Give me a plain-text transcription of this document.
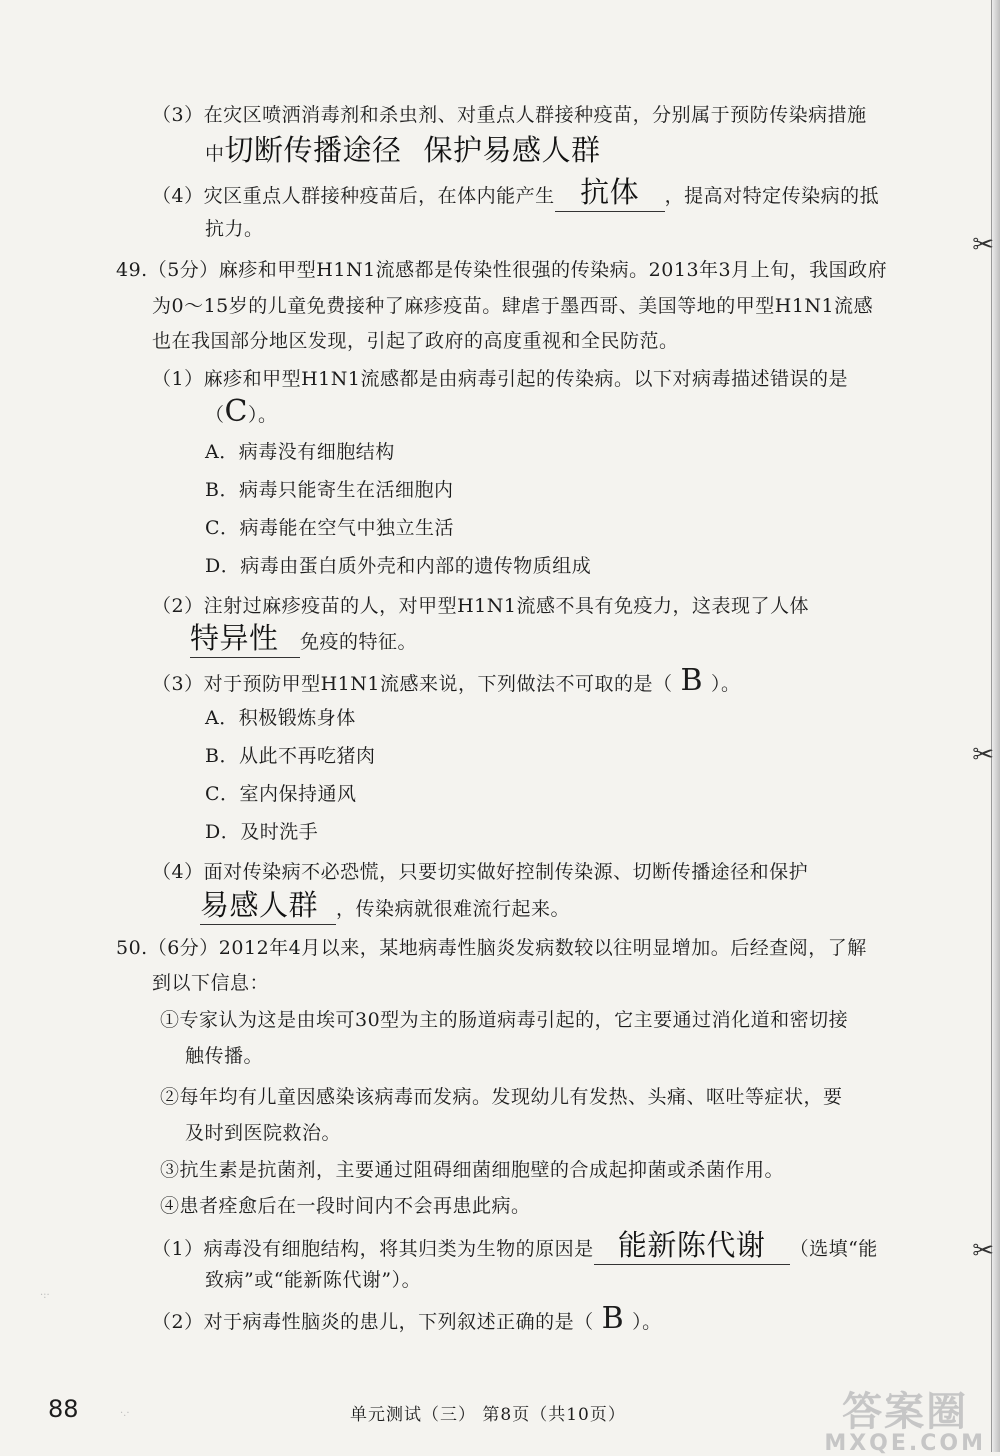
（3）在灾区喷洒消毒剂和杀虫剂、对重点人群接种疫苗，分别属于预防传染病措施
中切断传播途径 保护易感人群
（4）灾区重点人群接种疫苗后，在体内能产生 抗体 ，提高对特定传染病的抵
抗力。
49.（5分）麻疹和甲型H1N1流感都是传染性很强的传染病。2013年3月上旬，我国政府
为0～15岁的儿童免费接种了麻疹疫苗。肆虐于墨西哥、美国等地的甲型H1N1流感
也在我国部分地区发现，引起了政府的高度重视和全民防范。
（1）麻疹和甲型H1N1流感都是由病毒引起的传染病。以下对病毒描述错误的是
（C）。
A．病毒没有细胞结构
B．病毒只能寄生在活细胞内
C．病毒能在空气中独立生活
D．病毒由蛋白质外壳和内部的遗传物质组成
（2）注射过麻疹疫苗的人，对甲型H1N1流感不具有免疫力，这表现了人体
特异性 免疫的特征。
（3）对于预防甲型H1N1流感来说，下列做法不可取的是（ B ）。
A．积极锻炼身体
B．从此不再吃猪肉
C．室内保持通风
D．及时洗手
（4）面对传染病不必恐慌，只要切实做好控制传染源、切断传播途径和保护
易感人群 ，传染病就很难流行起来。
50.（6分）2012年4月以来，某地病毒性脑炎发病数较以往明显增加。后经查阅，了解
到以下信息：
①专家认为这是由埃可30型为主的肠道病毒引起的，它主要通过消化道和密切接
触传播。
②每年均有儿童因感染该病毒而发病。发现幼儿有发热、头痛、呕吐等症状，要
及时到医院救治。
③抗生素是抗菌剂，主要通过阻碍细菌细胞壁的合成起抑菌或杀菌作用。
④患者痊愈后在一段时间内不会再患此病。
（1）病毒没有细胞结构，将其归类为生物的原因是 能新陈代谢 （选填“能
致病”或“能新陈代谢”）。
（2）对于病毒性脑炎的患儿，下列叙述正确的是（ B ）。
88	单元测试（三） 第8页（共10页）	答案圈
MXQE.COM
·:·
·.·
✂
✂
✂
